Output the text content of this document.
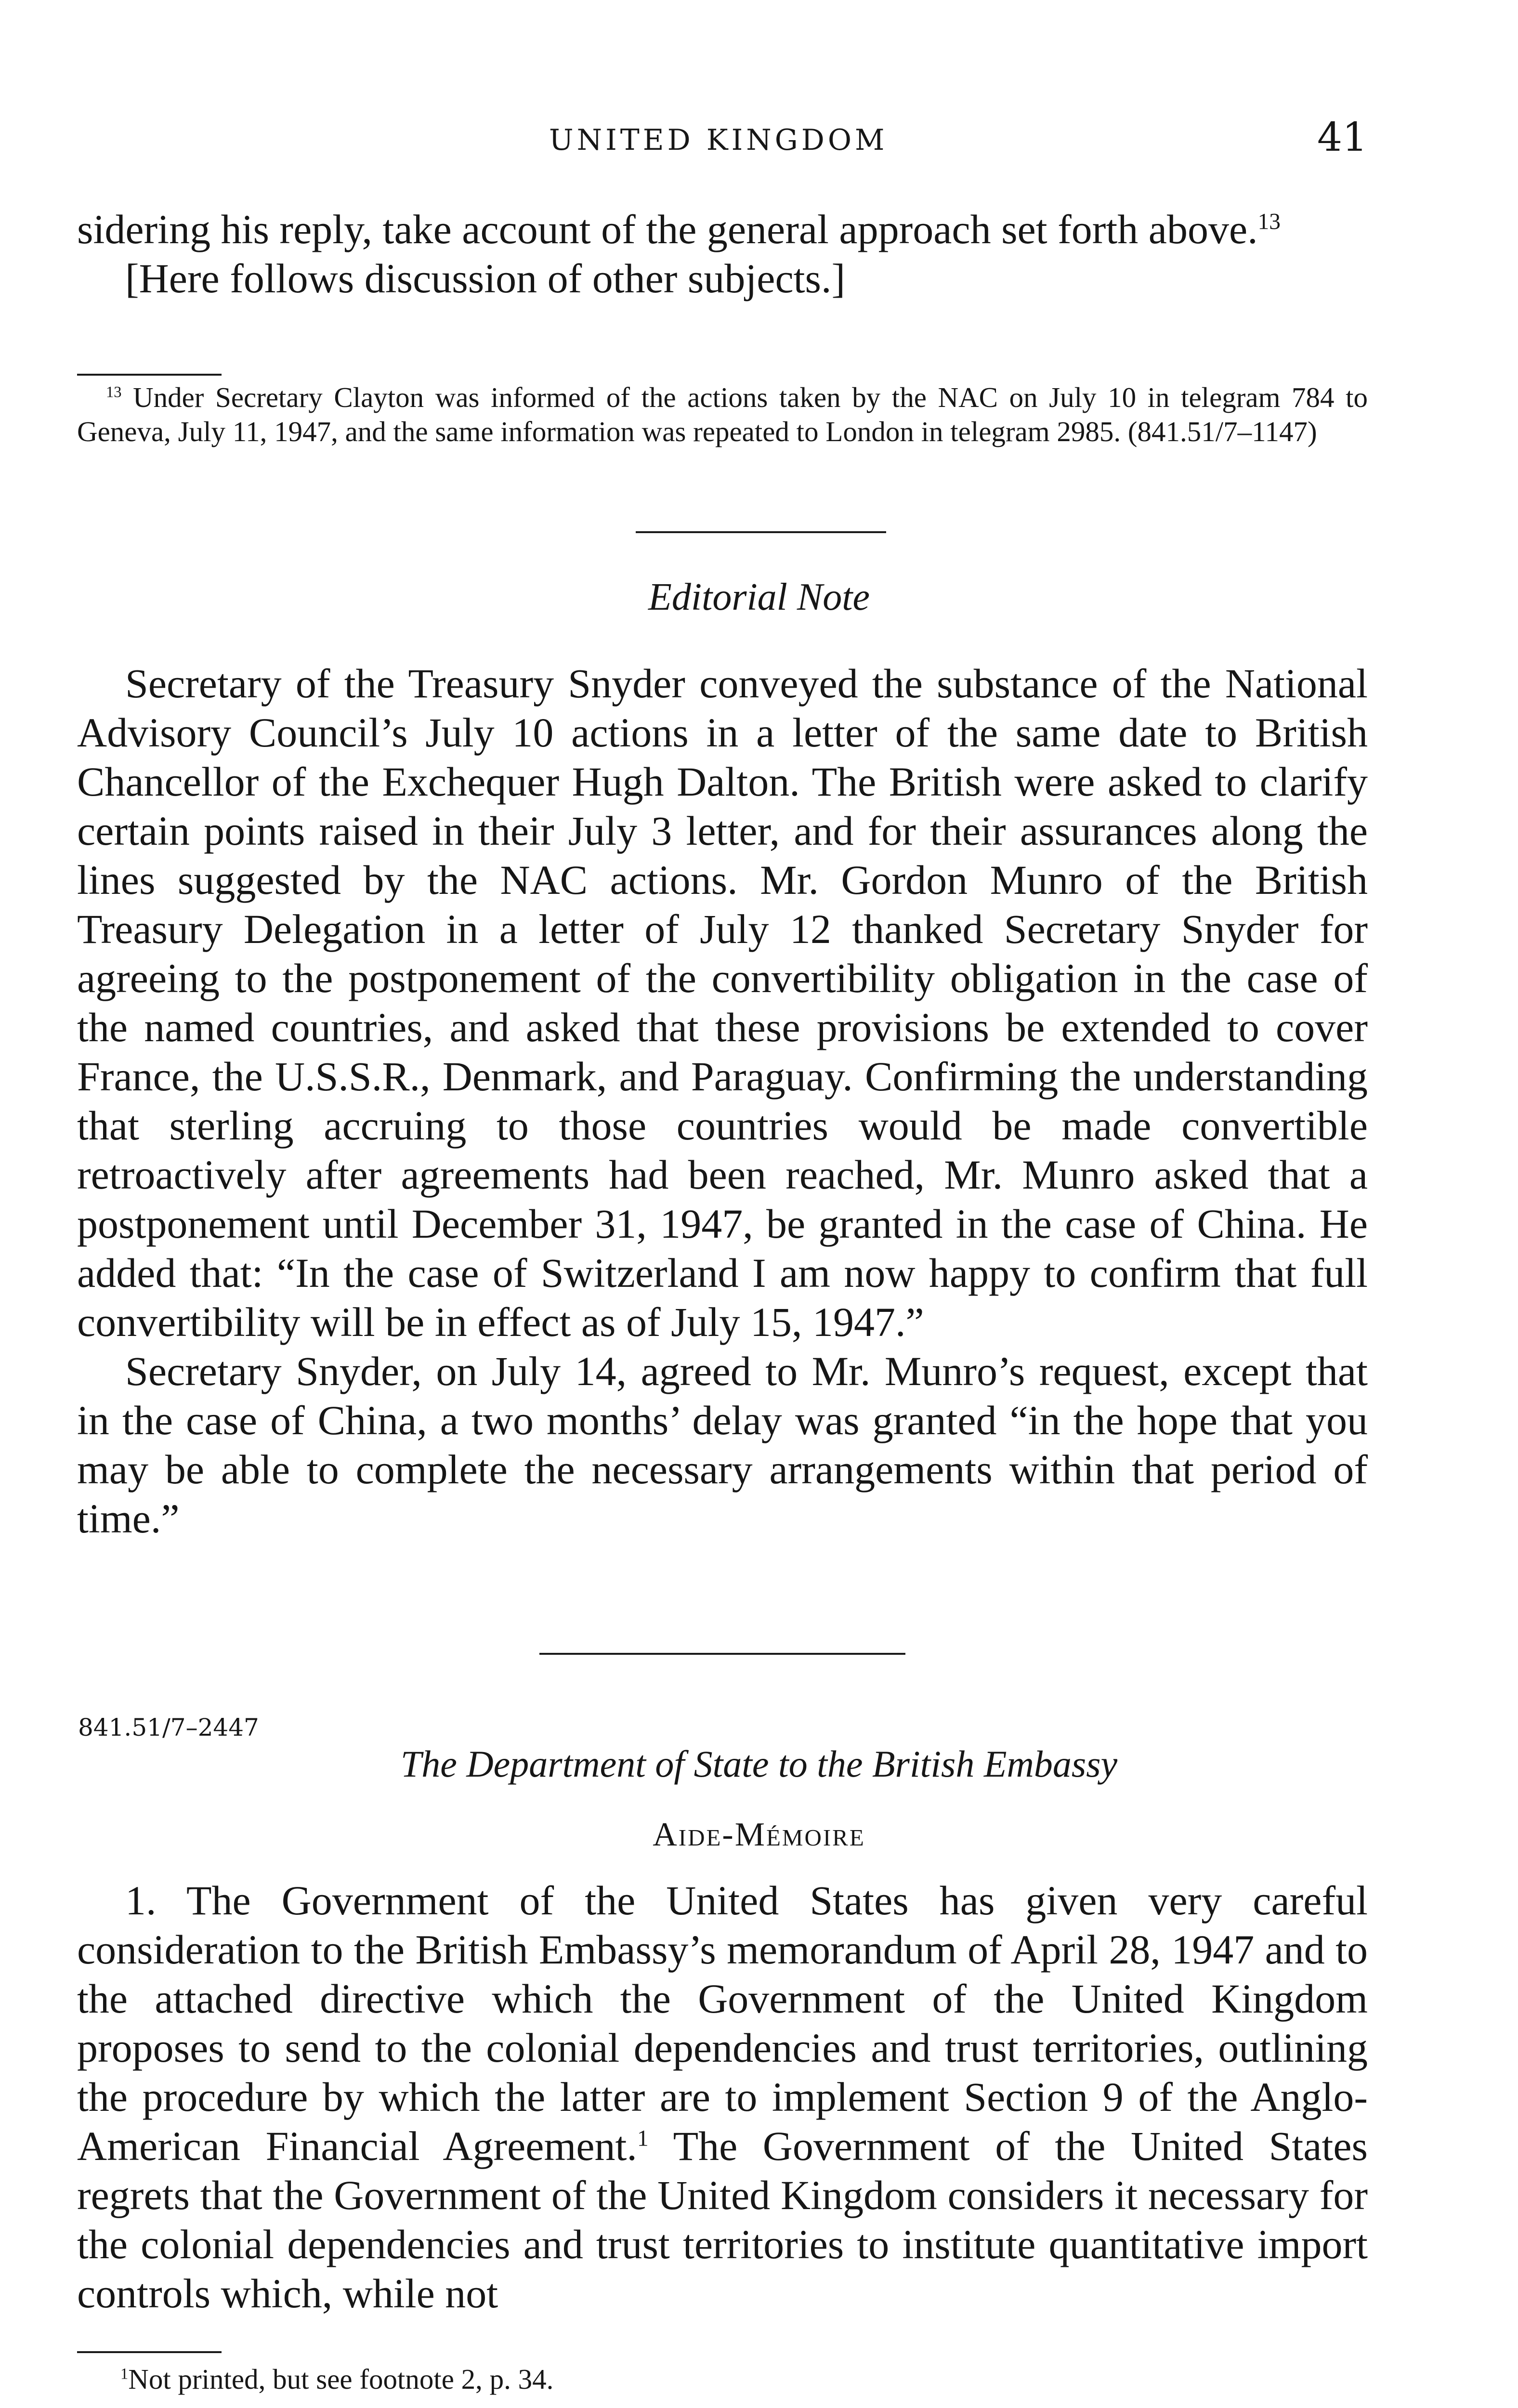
UNITED KINGDOM	41

sidering his reply, take account of the general approach set forth above.$^{13}$

[Here follows discussion of other subjects.]

$^{13}$ Under Secretary Clayton was informed of the actions taken by the NAC on July 10 in telegram 784 to Geneva, July 11, 1947, and the same information was repeated to London in telegram 2985. (841.51/7–1147)

Editorial Note

Secretary of the Treasury Snyder conveyed the substance of the National Advisory Council’s July 10 actions in a letter of the same date to British Chancellor of the Exchequer Hugh Dalton. The British were asked to clarify certain points raised in their July 3 letter, and for their assurances along the lines suggested by the NAC actions. Mr. Gordon Munro of the British Treasury Delegation in a letter of July 12 thanked Secretary Snyder for agreeing to the postponement of the convertibility obligation in the case of the named countries, and asked that these provisions be extended to cover France, the U.S.S.R., Denmark, and Paraguay. Confirming the understanding that sterling accruing to those countries would be made convertible retroactively after agreements had been reached, Mr. Munro asked that a postponement until December 31, 1947, be granted in the case of China. He added that: “In the case of Switzerland I am now happy to confirm that full convertibility will be in effect as of July 15, 1947.”

Secretary Snyder, on July 14, agreed to Mr. Munro’s request, except that in the case of China, a two months’ delay was granted “in the hope that you may be able to complete the necessary arrangements within that period of time.”

841.51/7–2447
The Department of State to the British Embassy
Aide-Mémoire

1. The Government of the United States has given very careful consideration to the British Embassy’s memorandum of April 28, 1947 and to the attached directive which the Government of the United Kingdom proposes to send to the colonial dependencies and trust territories, outlining the procedure by which the latter are to implement Section 9 of the Anglo-American Financial Agreement.$^1$ The Government of the United States regrets that the Government of the United Kingdom considers it necessary for the colonial dependencies and trust territories to institute quantitative import controls which, while not

$^1$Not printed, but see footnote 2, p. 34.
